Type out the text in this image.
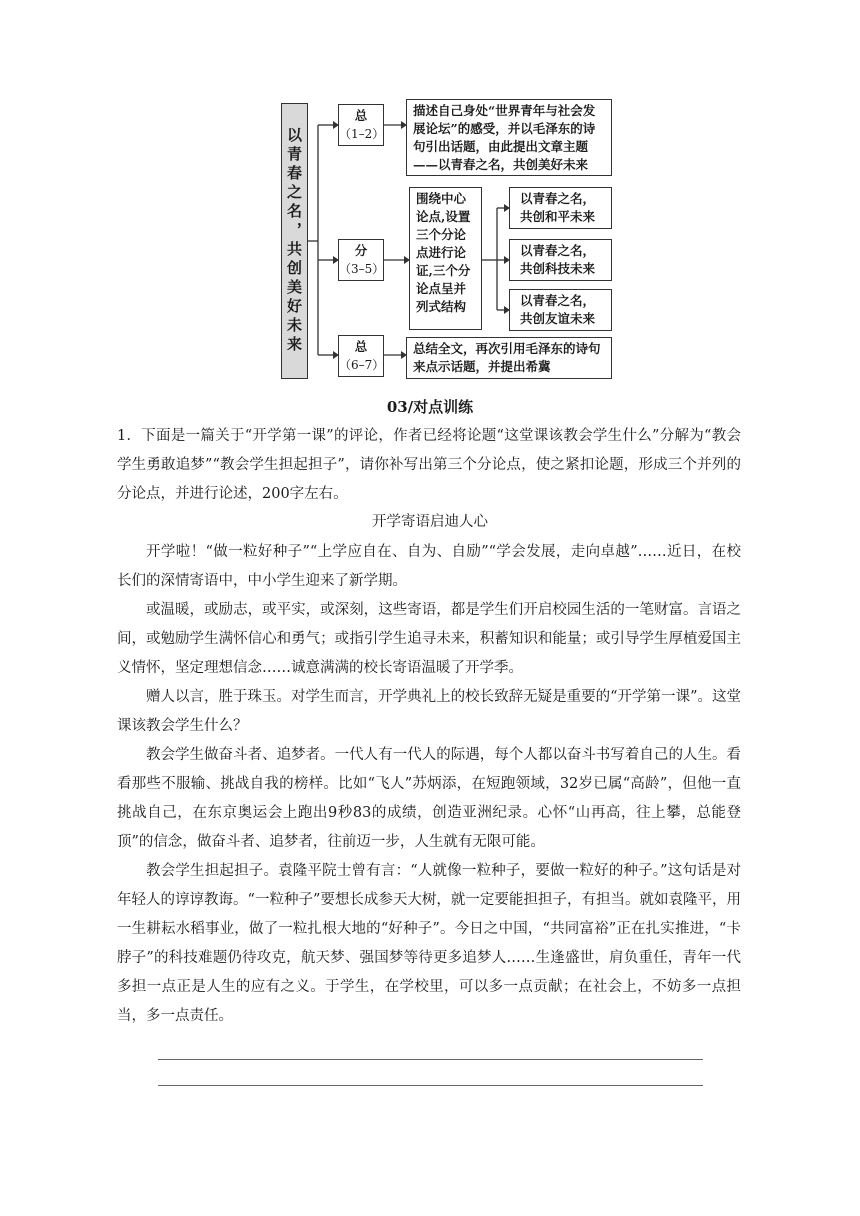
以青春之名，共创美好未来
总
（1–2）
描述自己身处“世界青年与社会发展论坛”的感受，并以毛泽东的诗句引出话题，由此提出文章主题——以青春之名，共创美好未来
分
（3–5）
围绕中心论点,设置三个分论点进行论证,三个分论点呈并列式结构
以青春之名，共创和平未来
以青春之名，共创科技未来
以青春之名，共创友谊未来
总
（6–7）
总结全文，再次引用毛泽东的诗句来点示话题，并提出希冀
03/对点训练
1．下面是一篇关于“开学第一课”的评论，作者已经将论题“这堂课该教会学生什么”分解为“教会学生勇敢追梦”“教会学生担起担子”，请你补写出第三个分论点，使之紧扣论题，形成三个并列的分论点，并进行论述，200字左右。
开学寄语启迪人心
开学啦！“做一粒好种子”“上学应自在、自为、自励”“学会发展，走向卓越”……近日，在校长们的深情寄语中，中小学生迎来了新学期。
或温暖，或励志，或平实，或深刻，这些寄语，都是学生们开启校园生活的一笔财富。言语之间，或勉励学生满怀信心和勇气；或指引学生追寻未来，积蓄知识和能量；或引导学生厚植爱国主义情怀，坚定理想信念……诚意满满的校长寄语温暖了开学季。
赠人以言，胜于珠玉。对学生而言，开学典礼上的校长致辞无疑是重要的“开学第一课”。这堂课该教会学生什么？
教会学生做奋斗者、追梦者。一代人有一代人的际遇，每个人都以奋斗书写着自己的人生。看看那些不服输、挑战自我的榜样。比如“飞人”苏炳添，在短跑领域，32岁已属“高龄”，但他一直挑战自己，在东京奥运会上跑出9秒83的成绩，创造亚洲纪录。心怀“山再高，往上攀，总能登顶”的信念，做奋斗者、追梦者，往前迈一步，人生就有无限可能。
教会学生担起担子。袁隆平院士曾有言：“人就像一粒种子，要做一粒好的种子。”这句话是对年轻人的谆谆教诲。“一粒种子”要想长成参天大树，就一定要能担担子，有担当。就如袁隆平，用一生耕耘水稻事业，做了一粒扎根大地的“好种子”。今日之中国，“共同富裕”正在扎实推进，“卡脖子”的科技难题仍待攻克，航天梦、强国梦等待更多追梦人……生逢盛世，肩负重任，青年一代多担一点正是人生的应有之义。于学生，在学校里，可以多一点贡献；在社会上，不妨多一点担当，多一点责任。
